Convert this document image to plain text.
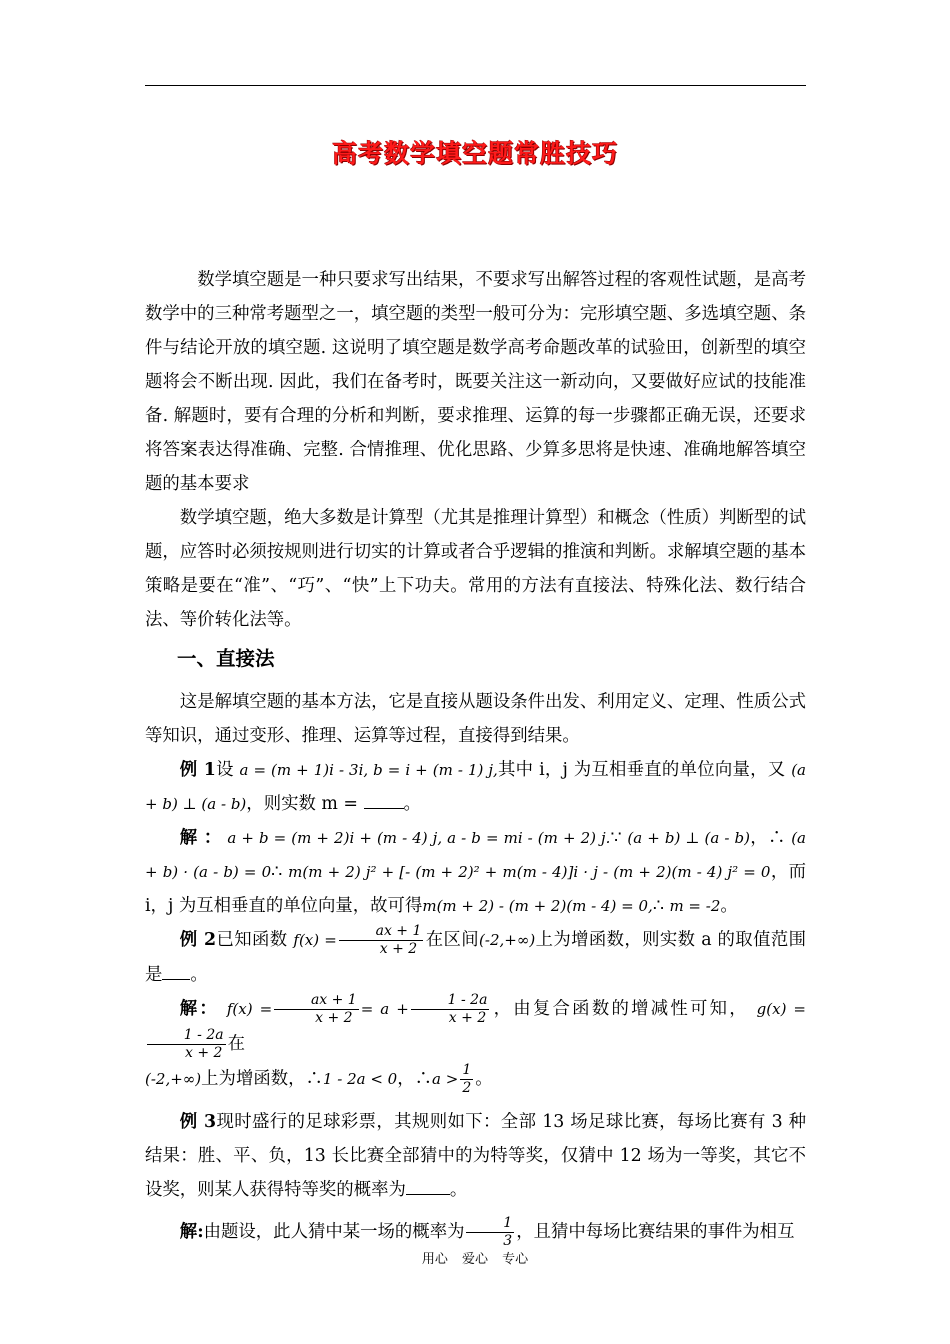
高考数学填空题常胜技巧

数学填空题是一种只要求写出结果，不要求写出解答过程的客观性试题，是高考数学中的三种常考题型之一，填空题的类型一般可分为：完形填空题、多选填空题、条件与结论开放的填空题. 这说明了填空题是数学高考命题改革的试验田，创新型的填空题将会不断出现. 因此，我们在备考时，既要关注这一新动向，又要做好应试的技能准备. 解题时，要有合理的分析和判断，要求推理、运算的每一步骤都正确无误，还要求将答案表达得准确、完整. 合情推理、优化思路、少算多思将是快速、准确地解答填空题的基本要求

数学填空题，绝大多数是计算型（尤其是推理计算型）和概念（性质）判断型的试题，应答时必须按规则进行切实的计算或者合乎逻辑的推演和判断。求解填空题的基本策略是要在“准”、“巧”、“快”上下功夫。常用的方法有直接法、特殊化法、数行结合法、等价转化法等。

一、直接法

这是解填空题的基本方法，它是直接从题设条件出发、利用定义、定理、性质公式等知识，通过变形、推理、运算等过程，直接得到结果。

例 1设 a = (m + 1)i - 3i, b = i + (m - 1) j,其中 i，j 为互相垂直的单位向量，又 (a + b) ⊥ (a - b)，则实数 m =	。

解 ： a + b = (m + 2)i + (m - 4) j, a - b = mi - (m + 2) j.∵ (a + b) ⊥ (a - b)，∴ (a + b) · (a - b) = 0∴ m(m + 2) j² + [- (m + 2)² + m(m - 4)]i · j - (m + 2)(m - 4) j² = 0，而 i，j 为互相垂直的单位向量，故可得m(m + 2) - (m + 2)(m - 4) = 0,∴ m = -2。

例 2已知函数 $f(x) = \frac{ax + 1}{x + 2}$ 在区间(-2,+∞)上为增函数，则实数 a 的取值范围是 。

解： $f(x) = \frac{ax + 1}{x + 2} = a + \frac{1 - 2a}{x + 2}$ ，由复合函数的增减性可知， g(x) =
$\frac{1 - 2a}{x + 2}$ 在

(-2,+∞)上为增函数，∴1 - 2a < 0，∴a > $\frac{1}{2}$ 。

例 3现时盛行的足球彩票，其规则如下：全部 13 场足球比赛，每场比赛有 3 种结果：胜、平、负，13 长比赛全部猜中的为特等奖，仅猜中 12 场为一等奖，其它不设奖，则某人获得特等奖的概率为	。

解:由题设，此人猜中某一场的概率为 $\frac{1}{3}$ ，且猜中每场比赛结果的事件为相互

用心 爱心 专心
